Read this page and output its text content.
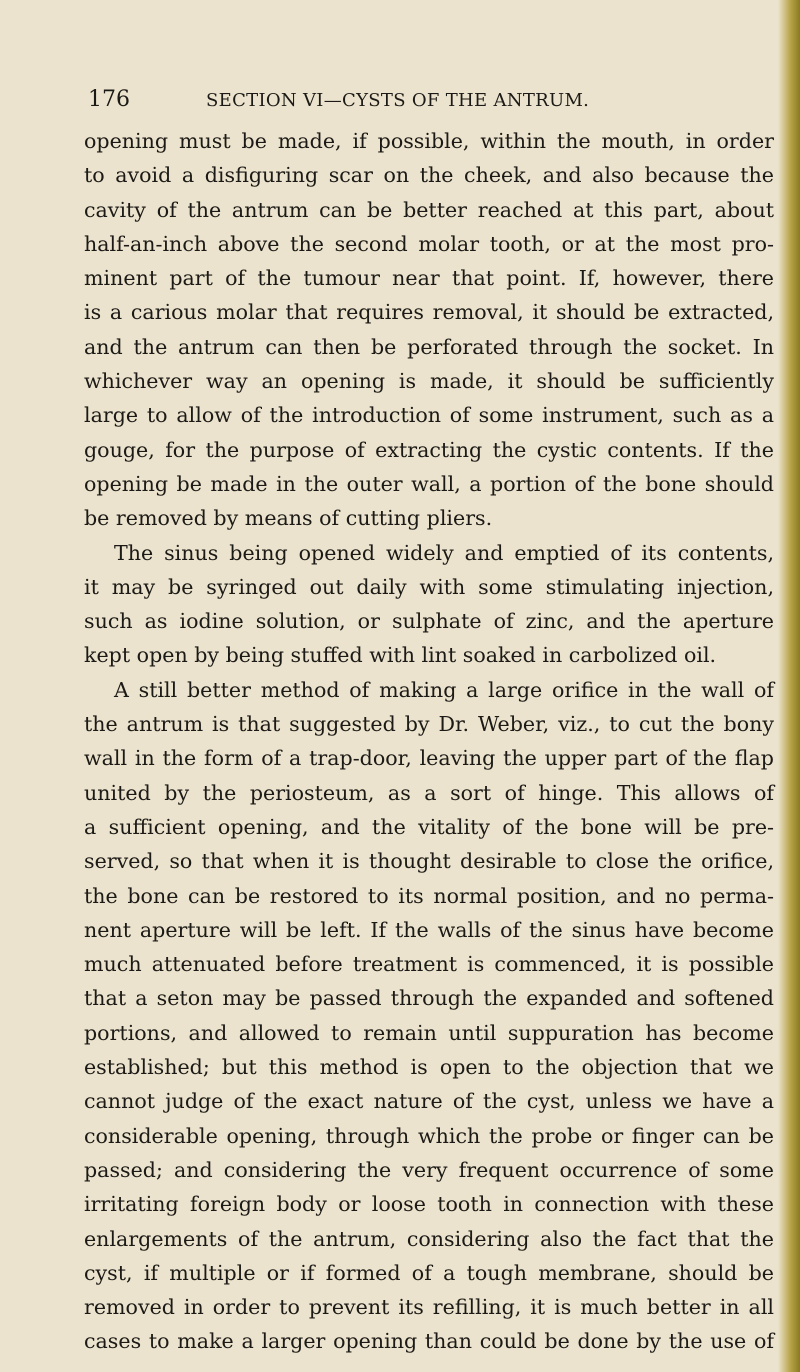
176	SECTION VI—CYSTS OF THE ANTRUM.
opening must be made, if possible, within the mouth, in order
to avoid a disfiguring scar on the cheek, and also because the
cavity of the antrum can be better reached at this part, about
half-an-inch above the second molar tooth, or at the most pro-
minent part of the tumour near that point. If, however, there
is a carious molar that requires removal, it should be extracted,
and the antrum can then be perforated through the socket. In
whichever way an opening is made, it should be sufficiently
large to allow of the introduction of some instrument, such as a
gouge, for the purpose of extracting the cystic contents. If the
opening be made in the outer wall, a portion of the bone should
be removed by means of cutting pliers.
The sinus being opened widely and emptied of its contents,
it may be syringed out daily with some stimulating injection,
such as iodine solution, or sulphate of zinc, and the aperture
kept open by being stuffed with lint soaked in carbolized oil.
A still better method of making a large orifice in the wall of
the antrum is that suggested by Dr. Weber, viz., to cut the bony
wall in the form of a trap-door, leaving the upper part of the flap
united by the periosteum, as a sort of hinge. This allows of
a sufficient opening, and the vitality of the bone will be pre-
served, so that when it is thought desirable to close the orifice,
the bone can be restored to its normal position, and no perma-
nent aperture will be left. If the walls of the sinus have become
much attenuated before treatment is commenced, it is possible
that a seton may be passed through the expanded and softened
portions, and allowed to remain until suppuration has become
established; but this method is open to the objection that we
cannot judge of the exact nature of the cyst, unless we have a
considerable opening, through which the probe or finger can be
passed; and considering the very frequent occurrence of some
irritating foreign body or loose tooth in connection with these
enlargements of the antrum, considering also the fact that the
cyst, if multiple or if formed of a tough membrane, should be
removed in order to prevent its refilling, it is much better in all
cases to make a larger opening than could be done by the use of
